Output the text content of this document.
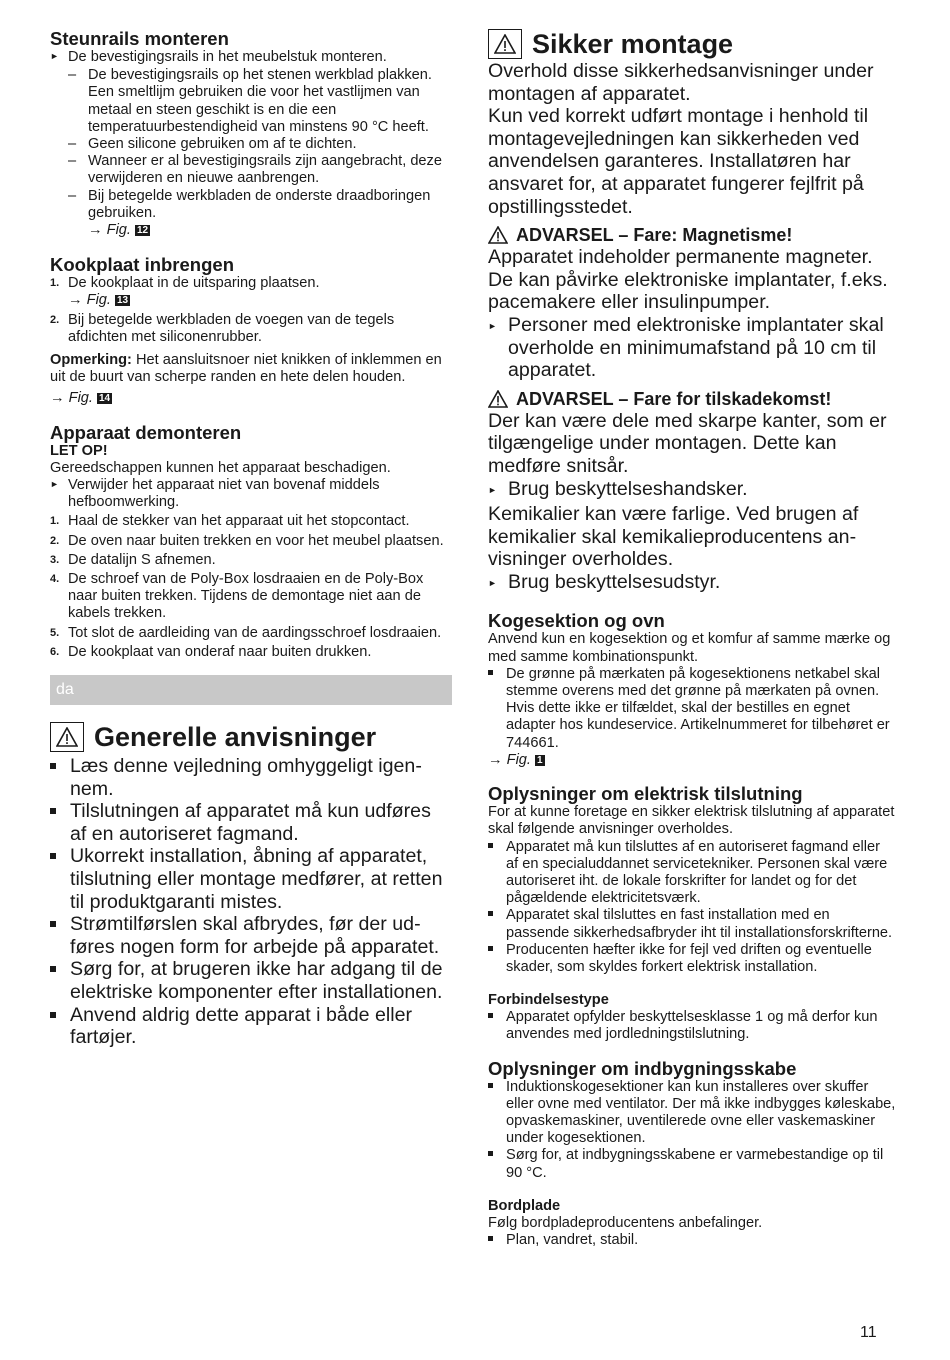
Steunrails monteren
► De bevestigingsrails in het meubelstuk monteren.
– De bevestigingsrails op het stenen werkblad plakken. Een smeltlijm gebruiken die voor het vastlijmen van metaal en steen geschikt is en die een temperatuurbestendigheid van minstens 90 °C heeft.
– Geen silicone gebruiken om af te dichten.
– Wanneer er al bevestigingsrails zijn aangebracht, deze verwijderen en nieuwe aanbrengen.
– Bij betegelde werkbladen de onderste draadboringen gebruiken.
→ Fig. 12
Kookplaat inbrengen
1. De kookplaat in de uitsparing plaatsen.
→ Fig. 13
2. Bij betegelde werkbladen de voegen van de tegels afdichten met siliconenrubber.

Opmerking: Het aansluitsnoer niet knikken of inklemmen en uit de buurt van scherpe randen en hete delen houden.

→ Fig. 14

Apparaat demonteren

LET OP!

Gereedschappen kunnen het apparaat beschadigen.

► Verwijder het apparaat niet van bovenaf middels hefboomwerking.
1. Haal de stekker van het apparaat uit het stopcontact.
2. De oven naar buiten trekken en voor het meubel plaatsen.
3. De datalijn S afnemen.
4. De schroef van de Poly-Box losdraaien en de Poly-Box naar buiten trekken. Tijdens de demontage niet aan de kabels trekken.
5. Tot slot de aardleiding van de aardingsschroef losdraaien.
6. De kookplaat van onderaf naar buiten drukken.
da
Generelle anvisninger
Læs denne vejledning omhyggeligt igennem.
Tilslutningen af apparatet må kun udføres af en autoriseret fagmand.
Ukorrekt installation, åbning af apparatet, tilslutning eller montage medfører, at retten til produktgaranti mistes.
Strømtilførslen skal afbrydes, før der udføres nogen form for arbejde på apparatet.
Sørg for, at brugeren ikke har adgang til de elektriske komponenter efter installationen.
Anvend aldrig dette apparat i både eller fartøjer.
Sikker montage

Overhold disse sikkerhedsanvisninger under montagen af apparatet.

Kun ved korrekt udført montage i henhold til montagevejledningen kan sikkerheden ved anvendelsen garanteres. Installatøren har ansvaret for, at apparatet fungerer fejlfrit på opstillingsstedet.

ADVARSEL – Fare: Magnetisme!

Apparatet indeholder permanente magneter. De kan påvirke elektroniske implantater, f.eks. pacemakere eller insulinpumper.

► Personer med elektroniske implantater skal overholde en minimumafstand på 10 cm til apparatet.

ADVARSEL – Fare for tilskadekomst!

Der kan være dele med skarpe kanter, som er tilgængelige under montagen. Dette kan medføre snitsår.

► Brug beskyttelseshandsker.

Kemikalier kan være farlige. Ved brugen af kemikalier skal kemikalieproducentens anvisninger overholdes.

► Brug beskyttelsesudstyr.
Kogesektion og ovn

Anvend kun en kogesektion og et komfur af samme mærke og med samme kombinationspunkt.

De grønne på mærkaten på kogesektionens netkabel skal stemme overens med det grønne på mærkaten på ovnen. Hvis dette ikke er tilfældet, skal der bestilles en egnet adapter hos kundeservice. Artikelnummeret for tilbehøret er 744661.

→ Fig. 1

Oplysninger om elektrisk tilslutning

For at kunne foretage en sikker elektrisk tilslutning af apparatet skal følgende anvisninger overholdes.

Apparatet må kun tilsluttes af en autoriseret fagmand eller af en specialuddannet servicetekniker. Personen skal være autoriseret iht. de lokale forskrifter for landet og for det pågældende elektricitetsværk.
Apparatet skal tilsluttes en fast installation med en passende sikkerhedsafbryder iht til installationsforskrifterne.
Producenten hæfter ikke for fejl ved driften og eventuelle skader, som skyldes forkert elektrisk installation.
Forbindelsestype
Apparatet opfylder beskyttelsesklasse 1 og må derfor kun anvendes med jordledningstilslutning.
Oplysninger om indbygningsskabe
Induktionskogesektioner kan kun installeres over skuffer eller ovne med ventilator. Der må ikke indbygges køleskabe, opvaskemaskiner, uventilerede ovne eller vaskemaskiner under kogesektionen.
Sørg for, at indbygningsskabene er varmebestandige op til 90 °C.
Bordplade

Følg bordpladeproducentens anbefalinger.

Plan, vandret, stabil.
11
